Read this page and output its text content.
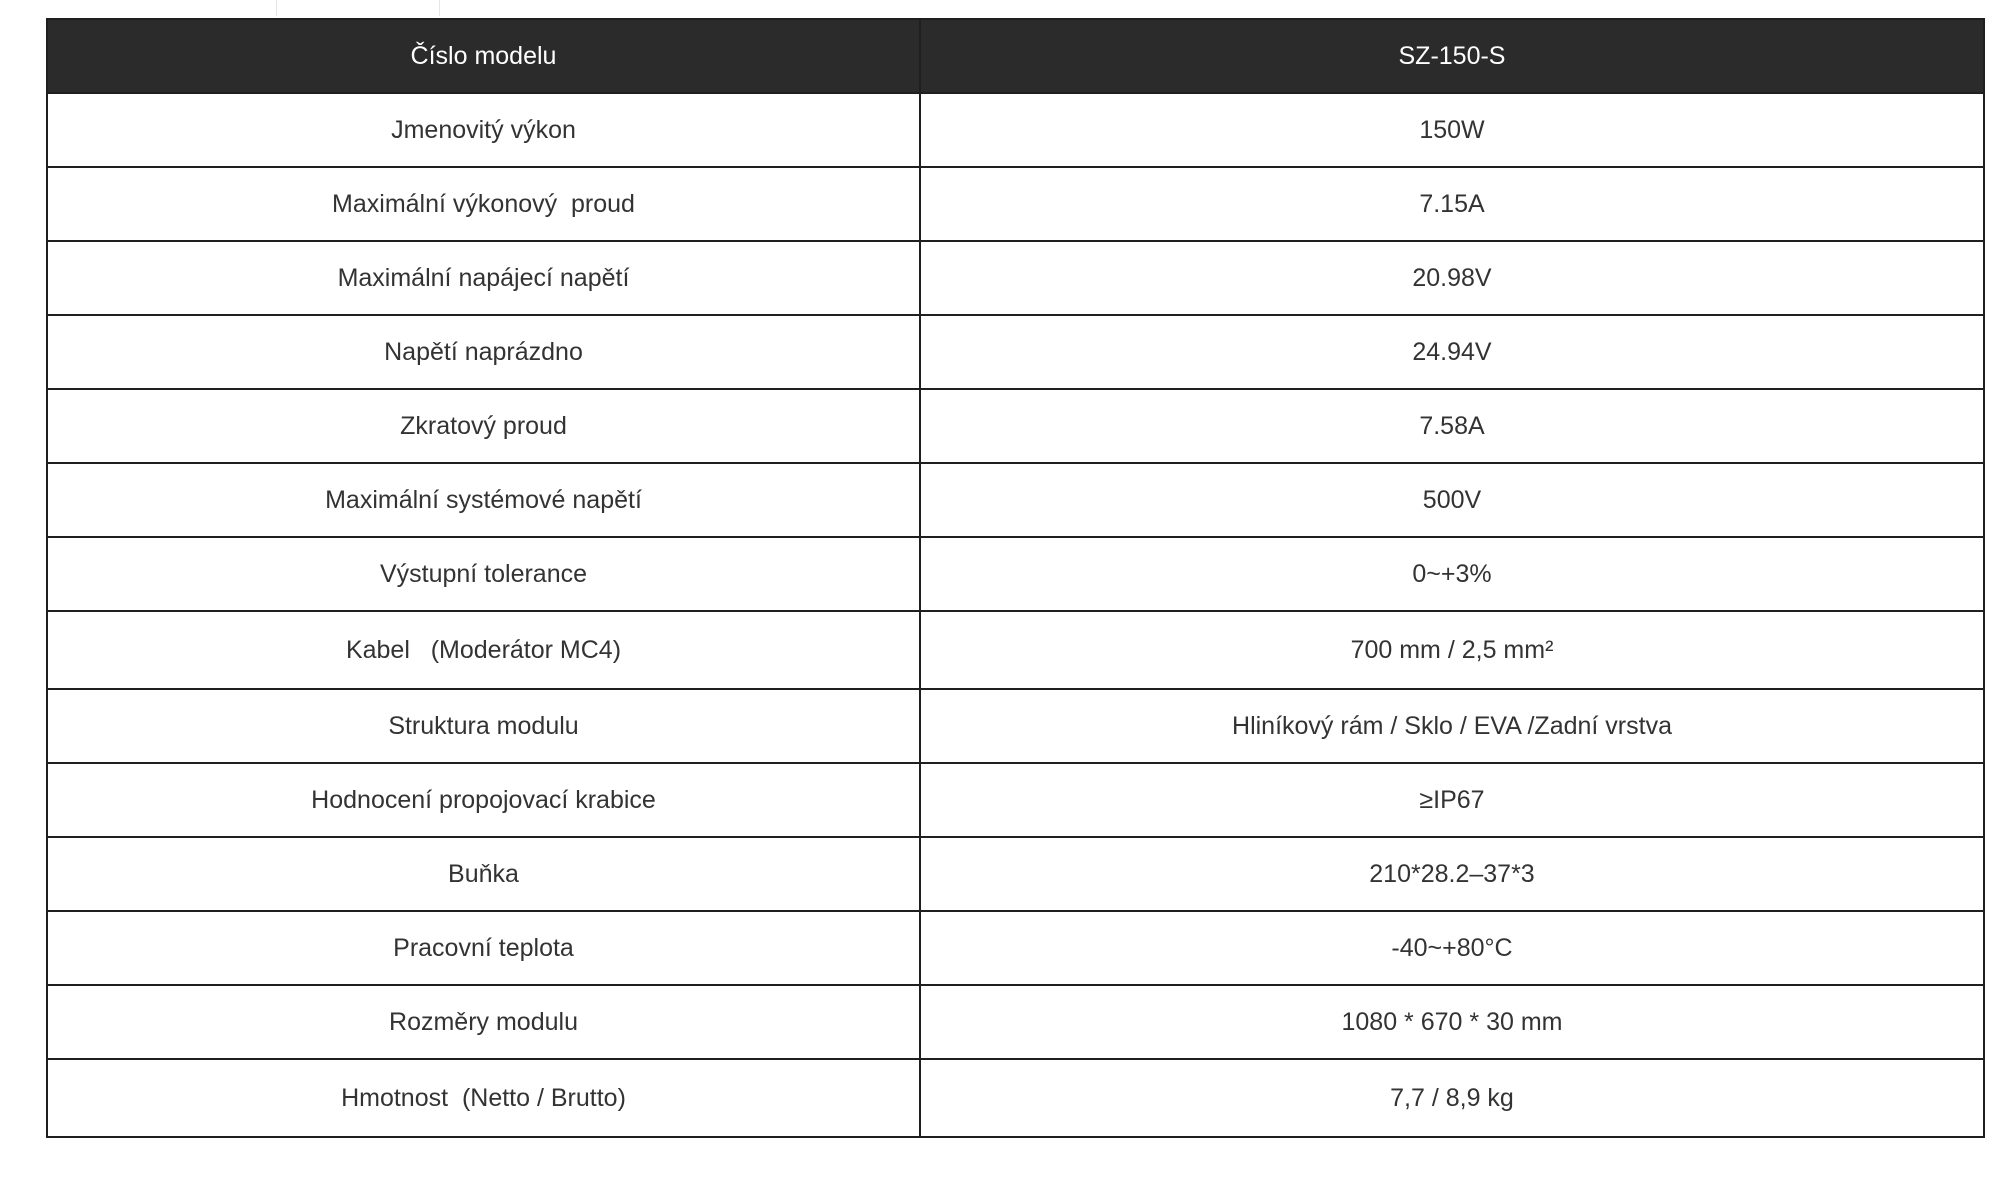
Číslo modelu	SZ-150-S
Jmenovitý výkon	150W
Maximální výkonový  proud	7.15A
Maximální napájecí napětí	20.98V
Napětí naprázdno	24.94V
Zkratový proud	7.58A
Maximální systémové napětí	500V
Výstupní tolerance	0~+3%
Kabel   (Moderátor MC4)	700 mm / 2,5 mm²
Struktura modulu	Hliníkový rám / Sklo / EVA /Zadní vrstva
Hodnocení propojovací krabice	≥IP67
Buňka	210*28.2–37*3
Pracovní teplota	-40~+80°C
Rozměry modulu	1080 * 670 * 30 mm
Hmotnost  (Netto / Brutto)	7,7 / 8,9 kg
